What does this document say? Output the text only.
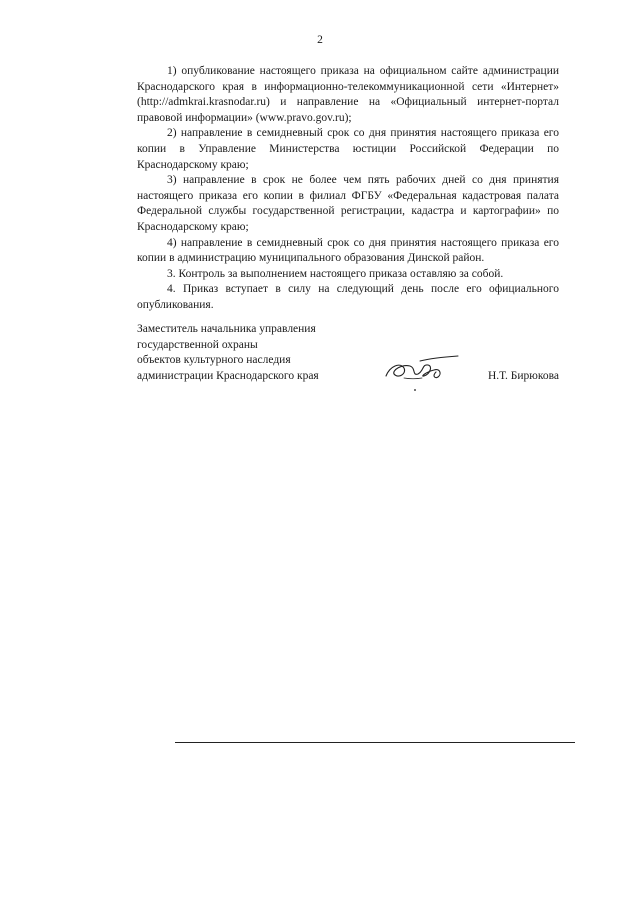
2

1) опубликование настоящего приказа на официальном сайте администрации Краснодарского края в информационно-телекоммуникационной сети «Интернет» (http://admkrai.krasnodar.ru) и направление на «Официальный интернет-портал правовой информации» (www.pravo.gov.ru);

2) направление в семидневный срок со дня принятия настоящего приказа его копии в Управление Министерства юстиции Российской Федерации по Краснодарскому краю;

3) направление в срок не более чем пять рабочих дней со дня принятия настоящего приказа его копии в филиал ФГБУ «Федеральная кадастровая палата Федеральной службы государственной регистрации, кадастра и картографии» по Краснодарскому краю;

4) направление в семидневный срок со дня принятия настоящего приказа его копии в администрацию муниципального образования Динской район.

3. Контроль за выполнением настоящего приказа оставляю за собой.

4. Приказ вступает в силу на следующий день после его официального опубликования.

Заместитель начальника управления
государственной охраны
объектов культурного наследия
администрации Краснодарского края	Н.Т. Бирюкова
